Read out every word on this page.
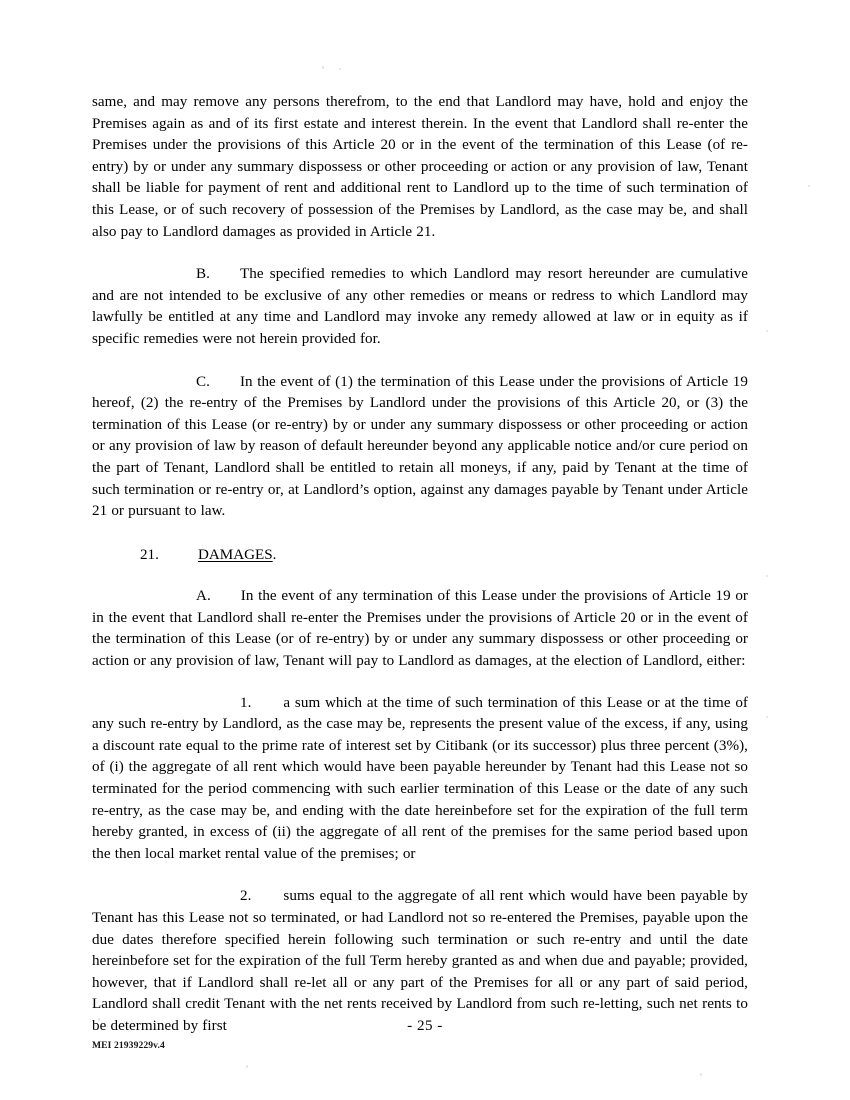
same, and may remove any persons therefrom, to the end that Landlord may have, hold and enjoy the Premises again as and of its first estate and interest therein. In the event that Landlord shall re-enter the Premises under the provisions of this Article 20 or in the event of the termination of this Lease (of re-entry) by or under any summary dispossess or other proceeding or action or any provision of law, Tenant shall be liable for payment of rent and additional rent to Landlord up to the time of such termination of this Lease, or of such recovery of possession of the Premises by Landlord, as the case may be, and shall also pay to Landlord damages as provided in Article 21.

B. The specified remedies to which Landlord may resort hereunder are cumulative and are not intended to be exclusive of any other remedies or means or redress to which Landlord may lawfully be entitled at any time and Landlord may invoke any remedy allowed at law or in equity as if specific remedies were not herein provided for.

C. In the event of (1) the termination of this Lease under the provisions of Article 19 hereof, (2) the re-entry of the Premises by Landlord under the provisions of this Article 20, or (3) the termination of this Lease (or re-entry) by or under any summary dispossess or other proceeding or action or any provision of law by reason of default hereunder beyond any applicable notice and/or cure period on the part of Tenant, Landlord shall be entitled to retain all moneys, if any, paid by Tenant at the time of such termination or re-entry or, at Landlord’s option, against any damages payable by Tenant under Article 21 or pursuant to law.

21.	DAMAGES.

A. In the event of any termination of this Lease under the provisions of Article 19 or in the event that Landlord shall re-enter the Premises under the provisions of Article 20 or in the event of the termination of this Lease (or of re-entry) by or under any summary dispossess or other proceeding or action or any provision of law, Tenant will pay to Landlord as damages, at the election of Landlord, either:

1. a sum which at the time of such termination of this Lease or at the time of any such re-entry by Landlord, as the case may be, represents the present value of the excess, if any, using a discount rate equal to the prime rate of interest set by Citibank (or its successor) plus three percent (3%), of (i) the aggregate of all rent which would have been payable hereunder by Tenant had this Lease not so terminated for the period commencing with such earlier termination of this Lease or the date of any such re-entry, as the case may be, and ending with the date hereinbefore set for the expiration of the full term hereby granted, in excess of (ii) the aggregate of all rent of the premises for the same period based upon the then local market rental value of the premises; or

2. sums equal to the aggregate of all rent which would have been payable by Tenant has this Lease not so terminated, or had Landlord not so re-entered the Premises, payable upon the due dates therefore specified herein following such termination or such re-entry and until the date hereinbefore set for the expiration of the full Term hereby granted as and when due and payable; provided, however, that if Landlord shall re-let all or any part of the Premises for all or any part of said period, Landlord shall credit Tenant with the net rents received by Landlord from such re-letting, such net rents to be determined by first	- 25 -
MEI 21939229v.4
